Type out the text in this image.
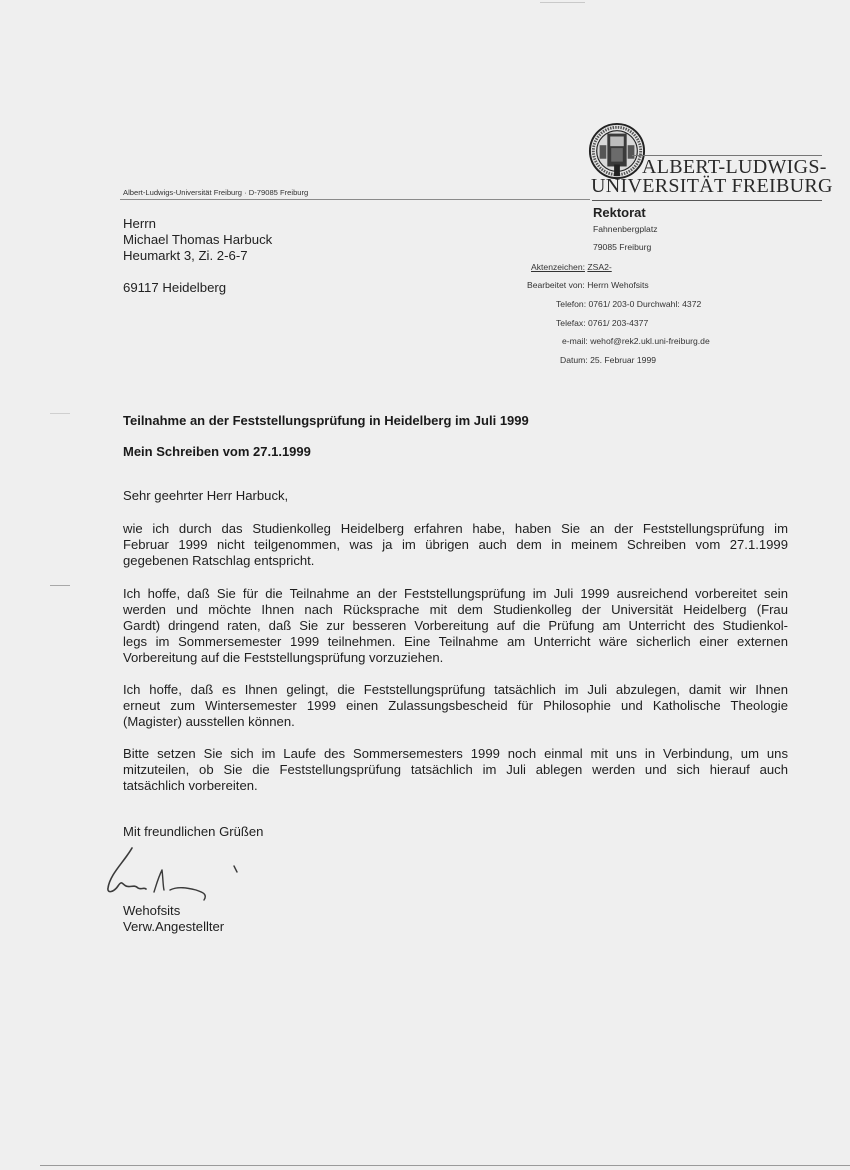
ALBERT-LUDWIGS-
UNIVERSITÄT FREIBURG
Albert-Ludwigs-Universität Freiburg · D-79085 Freiburg
Herrn
Michael Thomas Harbuck
Heumarkt 3, Zi. 2-6-7
69117 Heidelberg
Rektorat
Fahnenbergplatz
79085 Freiburg
Aktenzeichen: ZSA2-
Bearbeitet von: Herrn Wehofsits
Telefon: 0761/ 203-0 Durchwahl: 4372
Telefax: 0761/ 203-4377
e-mail: wehof@rek2.ukl.uni-freiburg.de
Datum: 25. Februar 1999
Teilnahme an der Feststellungsprüfung in Heidelberg im Juli 1999
Mein Schreiben vom 27.1.1999
Sehr geehrter Herr Harbuck,
wie ich durch das Studienkolleg Heidelberg erfahren habe, haben Sie an der Feststellungsprüfung im
Februar 1999 nicht teilgenommen, was ja im übrigen auch dem in meinem Schreiben vom 27.1.1999
gegebenen Ratschlag entspricht.
Ich hoffe, daß Sie für die Teilnahme an der Feststellungsprüfung im Juli 1999 ausreichend vorbereitet sein
werden und möchte Ihnen nach Rücksprache mit dem Studienkolleg der Universität Heidelberg (Frau
Gardt) dringend raten, daß Sie zur besseren Vorbereitung auf die Prüfung am Unterricht des Studienkol-
legs im Sommersemester 1999 teilnehmen. Eine Teilnahme am Unterricht wäre sicherlich einer externen
Vorbereitung auf die Feststellungsprüfung vorzuziehen.
Ich hoffe, daß es Ihnen gelingt, die Feststellungsprüfung tatsächlich im Juli abzulegen, damit wir Ihnen
erneut zum Wintersemester 1999 einen Zulassungsbescheid für Philosophie und Katholische Theologie
(Magister) ausstellen können.
Bitte setzen Sie sich im Laufe des Sommersemesters 1999 noch einmal mit uns in Verbindung, um uns
mitzuteilen, ob Sie die Feststellungsprüfung tatsächlich im Juli ablegen werden und sich hierauf auch
tatsächlich vorbereiten.
Mit freundlichen Grüßen
Wehofsits
Verw.Angestellter
